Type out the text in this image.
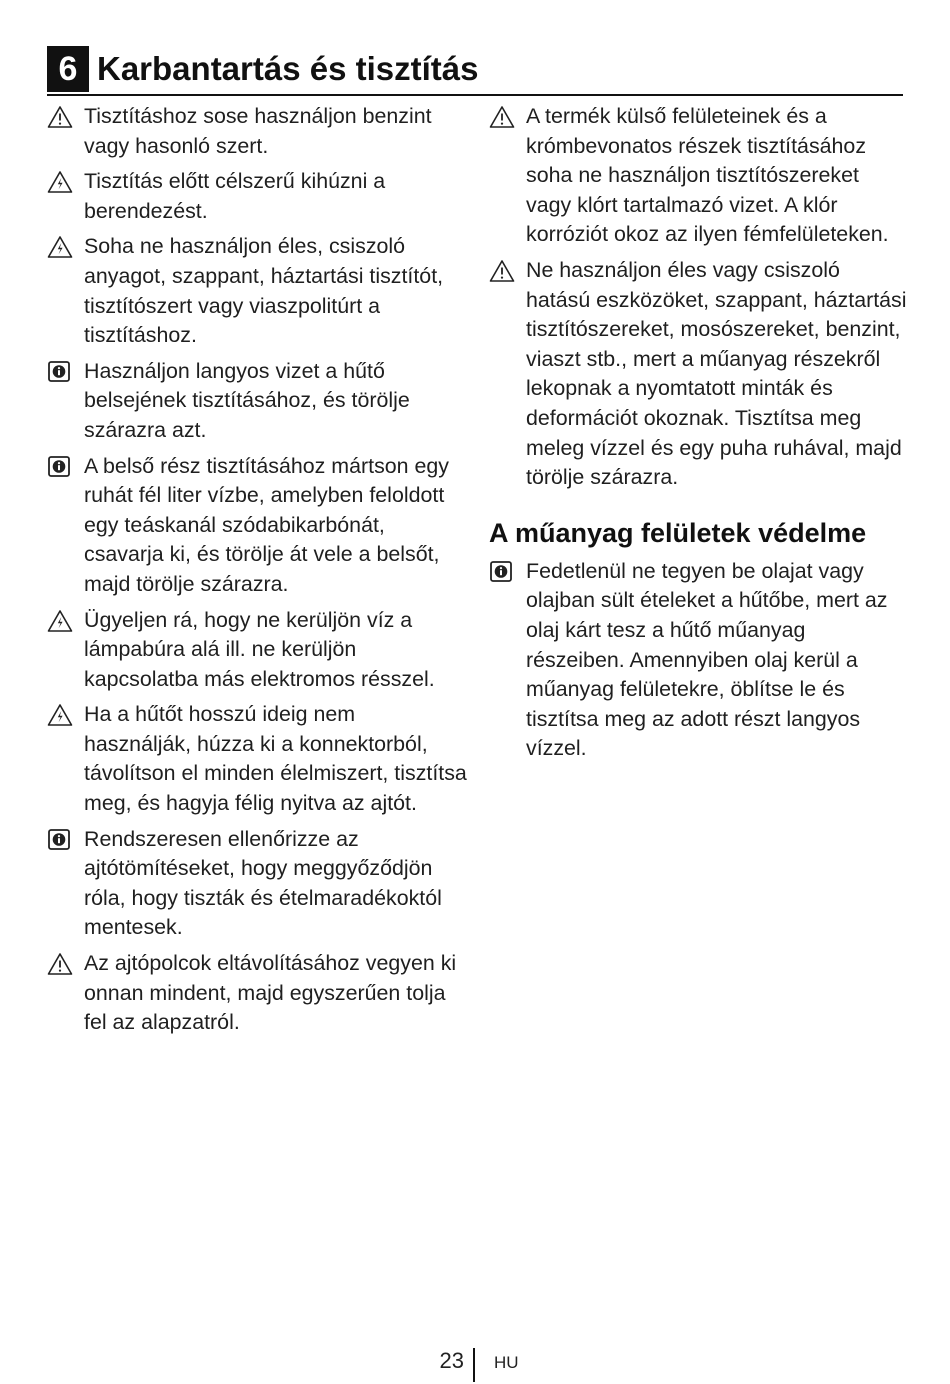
6 Karbantartás és tisztítás
Tisztításhoz sose használjon benzint vagy hasonló szert.
Tisztítás előtt célszerű kihúzni a berendezést.
Soha ne használjon éles, csiszoló anyagot, szappant, háztartási tisztítót, tisztítószert vagy viaszpolitúrt a tisztításhoz.
Használjon langyos vizet a hűtő belsejének tisztításához, és törölje szárazra azt.
A belső rész tisztításához mártson egy ruhát fél liter vízbe, amelyben feloldott egy teáskanál szódabikarbónát, csavarja ki, és törölje át vele a belsőt, majd törölje szárazra.
Ügyeljen rá, hogy ne kerüljön víz a lámpabúra alá ill. ne kerüljön kapcsolatba más elektromos résszel.
Ha a hűtőt hosszú ideig nem használják, húzza ki a konnektorból, távolítson el minden élelmiszert, tisztítsa meg, és hagyja félig nyitva az ajtót.
Rendszeresen ellenőrizze az ajtótömítéseket, hogy meggyőződjön róla, hogy tiszták és ételmaradékoktól mentesek.
Az ajtópolcok eltávolításához vegyen ki onnan mindent, majd egyszerűen tolja fel az alapzatról.
A termék külső felületeinek és a krómbevonatos részek tisztításához soha ne használjon tisztítószereket vagy klórt tartalmazó vizet. A klór korróziót okoz az ilyen fémfelületeken.
Ne használjon éles vagy csiszoló hatású eszközöket, szappant, háztartási tisztítószereket, mosószereket, benzint, viaszt stb., mert a műanyag részekről lekopnak a nyomtatott minták és deformációt okoznak. Tisztítsa meg meleg vízzel és egy puha ruhával, majd törölje szárazra.
A műanyag felületek védelme
Fedetlenül ne tegyen be olajat vagy olajban sült ételeket a hűtőbe, mert az olaj kárt tesz a hűtő műanyag részeiben. Amennyiben olaj kerül a műanyag felületekre, öblítse le és tisztítsa meg az adott részt langyos vízzel.
23 HU
